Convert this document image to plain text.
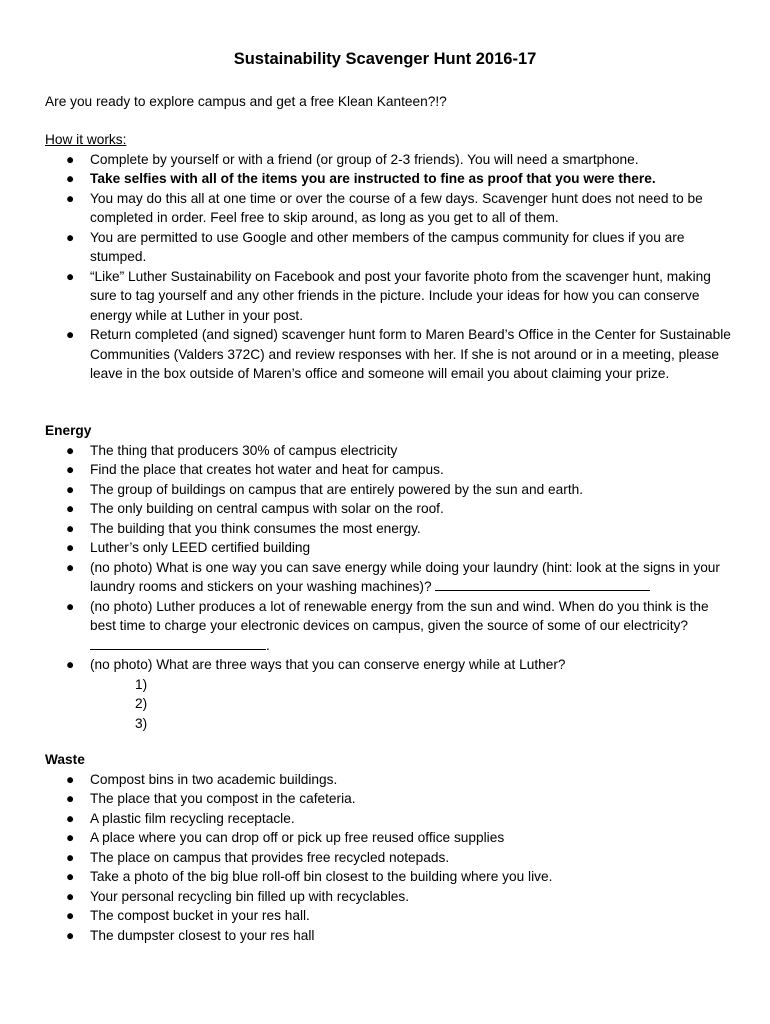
Sustainability Scavenger Hunt 2016-17
Are you ready to explore campus and get a free Klean Kanteen?!?

How it works:

● Complete by yourself or with a friend (or group of 2-3 friends). You will need a smartphone.
● Take selfies with all of the items you are instructed to fine as proof that you were there.
● You may do this all at one time or over the course of a few days. Scavenger hunt does not need to be completed in order. Feel free to skip around, as long as you get to all of them.
● You are permitted to use Google and other members of the campus community for clues if you are stumped.
● “Like” Luther Sustainability on Facebook and post your favorite photo from the scavenger hunt, making sure to tag yourself and any other friends in the picture. Include your ideas for how you can conserve energy while at Luther in your post.
● Return completed (and signed) scavenger hunt form to Maren Beard’s Office in the Center for Sustainable Communities (Valders 372C) and review responses with her. If she is not around or in a meeting, please leave in the box outside of Maren’s office and someone will email you about claiming your prize.

Energy

● The thing that producers 30% of campus electricity
● Find the place that creates hot water and heat for campus.
● The group of buildings on campus that are entirely powered by the sun and earth.
● The only building on central campus with solar on the roof.
● The building that you think consumes the most energy.
● Luther’s only LEED certified building
● (no photo) What is one way you can save energy while doing your laundry (hint: look at the signs in your laundry rooms and stickers on your washing machines)?
● (no photo) Luther produces a lot of renewable energy from the sun and wind. When do you think is the best time to charge your electronic devices on campus, given the source of some of our electricity?
.
● (no photo) What are three ways that you can conserve energy while at Luther?
1)
2)
3)

Waste

● Compost bins in two academic buildings.
● The place that you compost in the cafeteria.
● A plastic film recycling receptacle.
● A place where you can drop off or pick up free reused office supplies
● The place on campus that provides free recycled notepads.
● Take a photo of the big blue roll-off bin closest to the building where you live.
● Your personal recycling bin filled up with recyclables.
● The compost bucket in your res hall.
● The dumpster closest to your res hall
